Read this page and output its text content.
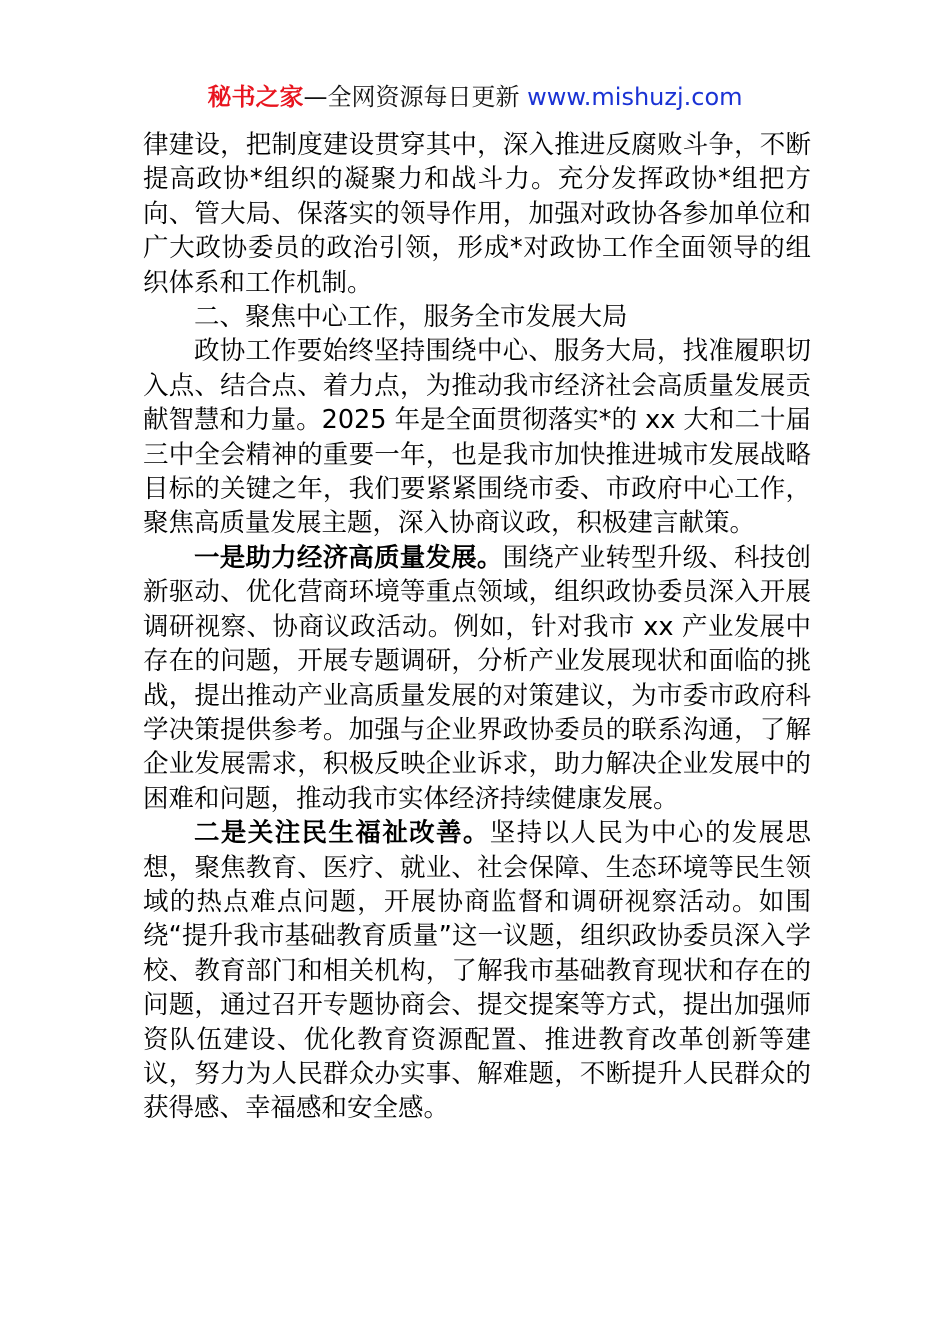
秘书之家—全网资源每日更新 www.mishuzj.com

律建设，把制度建设贯穿其中，深入推进反腐败斗争，不断提高政协*组织的凝聚力和战斗力。充分发挥政协*组把方向、管大局、保落实的领导作用，加强对政协各参加单位和广大政协委员的政治引领，形成*对政协工作全面领导的组织体系和工作机制。

二、聚焦中心工作，服务全市发展大局

政协工作要始终坚持围绕中心、服务大局，找准履职切入点、结合点、着力点，为推动我市经济社会高质量发展贡献智慧和力量。2025 年是全面贯彻落实*的 xx 大和二十届三中全会精神的重要一年，也是我市加快推进城市发展战略目标的关键之年，我们要紧紧围绕市委、市政府中心工作，聚焦高质量发展主题，深入协商议政，积极建言献策。

一是助力经济高质量发展。围绕产业转型升级、科技创新驱动、优化营商环境等重点领域，组织政协委员深入开展调研视察、协商议政活动。例如，针对我市 xx 产业发展中存在的问题，开展专题调研，分析产业发展现状和面临的挑战，提出推动产业高质量发展的对策建议，为市委市政府科学决策提供参考。加强与企业界政协委员的联系沟通，了解企业发展需求，积极反映企业诉求，助力解决企业发展中的困难和问题，推动我市实体经济持续健康发展。

二是关注民生福祉改善。坚持以人民为中心的发展思想，聚焦教育、医疗、就业、社会保障、生态环境等民生领域的热点难点问题，开展协商监督和调研视察活动。如围绕“提升我市基础教育质量”这一议题，组织政协委员深入学校、教育部门和相关机构，了解我市基础教育现状和存在的问题，通过召开专题协商会、提交提案等方式，提出加强师资队伍建设、优化教育资源配置、推进教育改革创新等建议，努力为人民群众办实事、解难题，不断提升人民群众的获得感、幸福感和安全感。
